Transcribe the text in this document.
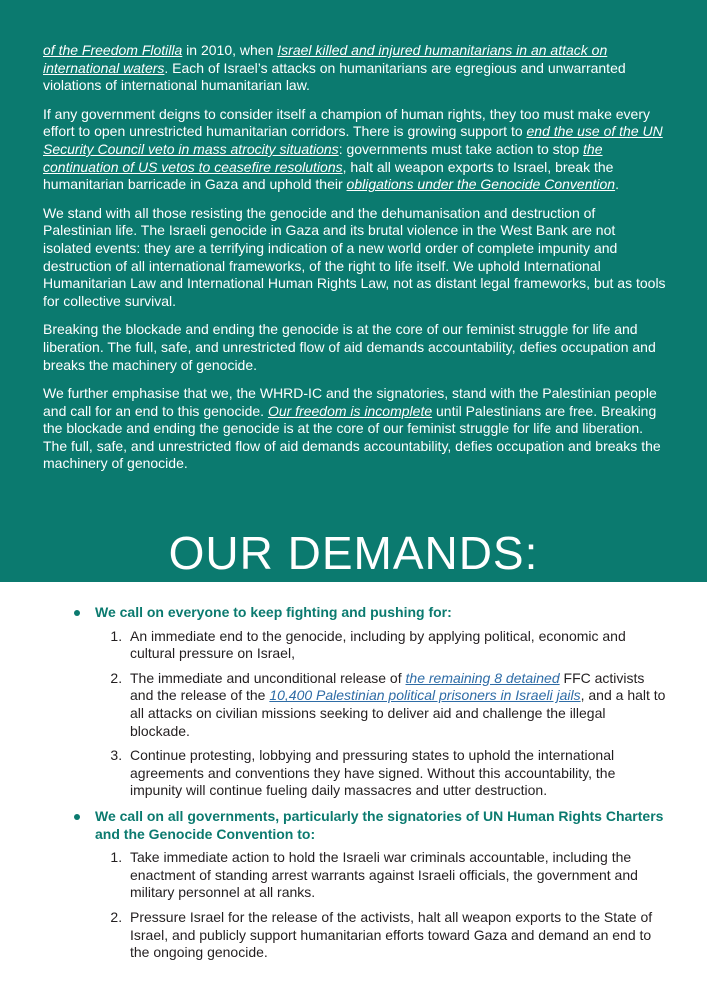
of the Freedom Flotilla in 2010, when Israel killed and injured humanitarians in an attack on international waters. Each of Israel’s attacks on humanitarians are egregious and unwarranted violations of international humanitarian law.

If any government deigns to consider itself a champion of human rights, they too must make every effort to open unrestricted humanitarian corridors. There is growing support to end the use of the UN Security Council veto in mass atrocity situations: governments must take action to stop the continuation of US vetos to ceasefire resolutions, halt all weapon exports to Israel, break the humanitarian barricade in Gaza and uphold their obligations under the Genocide Convention.

We stand with all those resisting the genocide and the dehumanisation and destruction of Palestinian life. The Israeli genocide in Gaza and its brutal violence in the West Bank are not isolated events: they are a terrifying indication of a new world order of complete impunity and destruction of all international frameworks, of the right to life itself. We uphold International Humanitarian Law and International Human Rights Law, not as distant legal frameworks, but as tools for collective survival.

Breaking the blockade and ending the genocide is at the core of our feminist struggle for life and liberation. The full, safe, and unrestricted flow of aid demands accountability, defies occupation and breaks the machinery of genocide.

We further emphasise that we, the WHRD-IC and the signatories, stand with the Palestinian people and call for an end to this genocide. Our freedom is incomplete until Palestinians are free. Breaking the blockade and ending the genocide is at the core of our feminist struggle for life and liberation. The full, safe, and unrestricted flow of aid demands accountability, defies occupation and breaks the machinery of genocide.

OUR DEMANDS:
We call on everyone to keep fighting and pushing for:
1. An immediate end to the genocide, including by applying political, economic and cultural pressure on Israel,
2. The immediate and unconditional release of the remaining 8 detained FFC activists and the release of the 10,400 Palestinian political prisoners in Israeli jails, and a halt to all attacks on civilian missions seeking to deliver aid and challenge the illegal blockade.
3. Continue protesting, lobbying and pressuring states to uphold the international agreements and conventions they have signed. Without this accountability, the impunity will continue fueling daily massacres and utter destruction.
We call on all governments, particularly the signatories of UN Human Rights Charters and the Genocide Convention to:
1. Take immediate action to hold the Israeli war criminals accountable, including the enactment of standing arrest warrants against Israeli officials, the government and military personnel at all ranks.
2. Pressure Israel for the release of the activists, halt all weapon exports to the State of Israel, and publicly support humanitarian efforts toward Gaza and demand an end to the ongoing genocide.
